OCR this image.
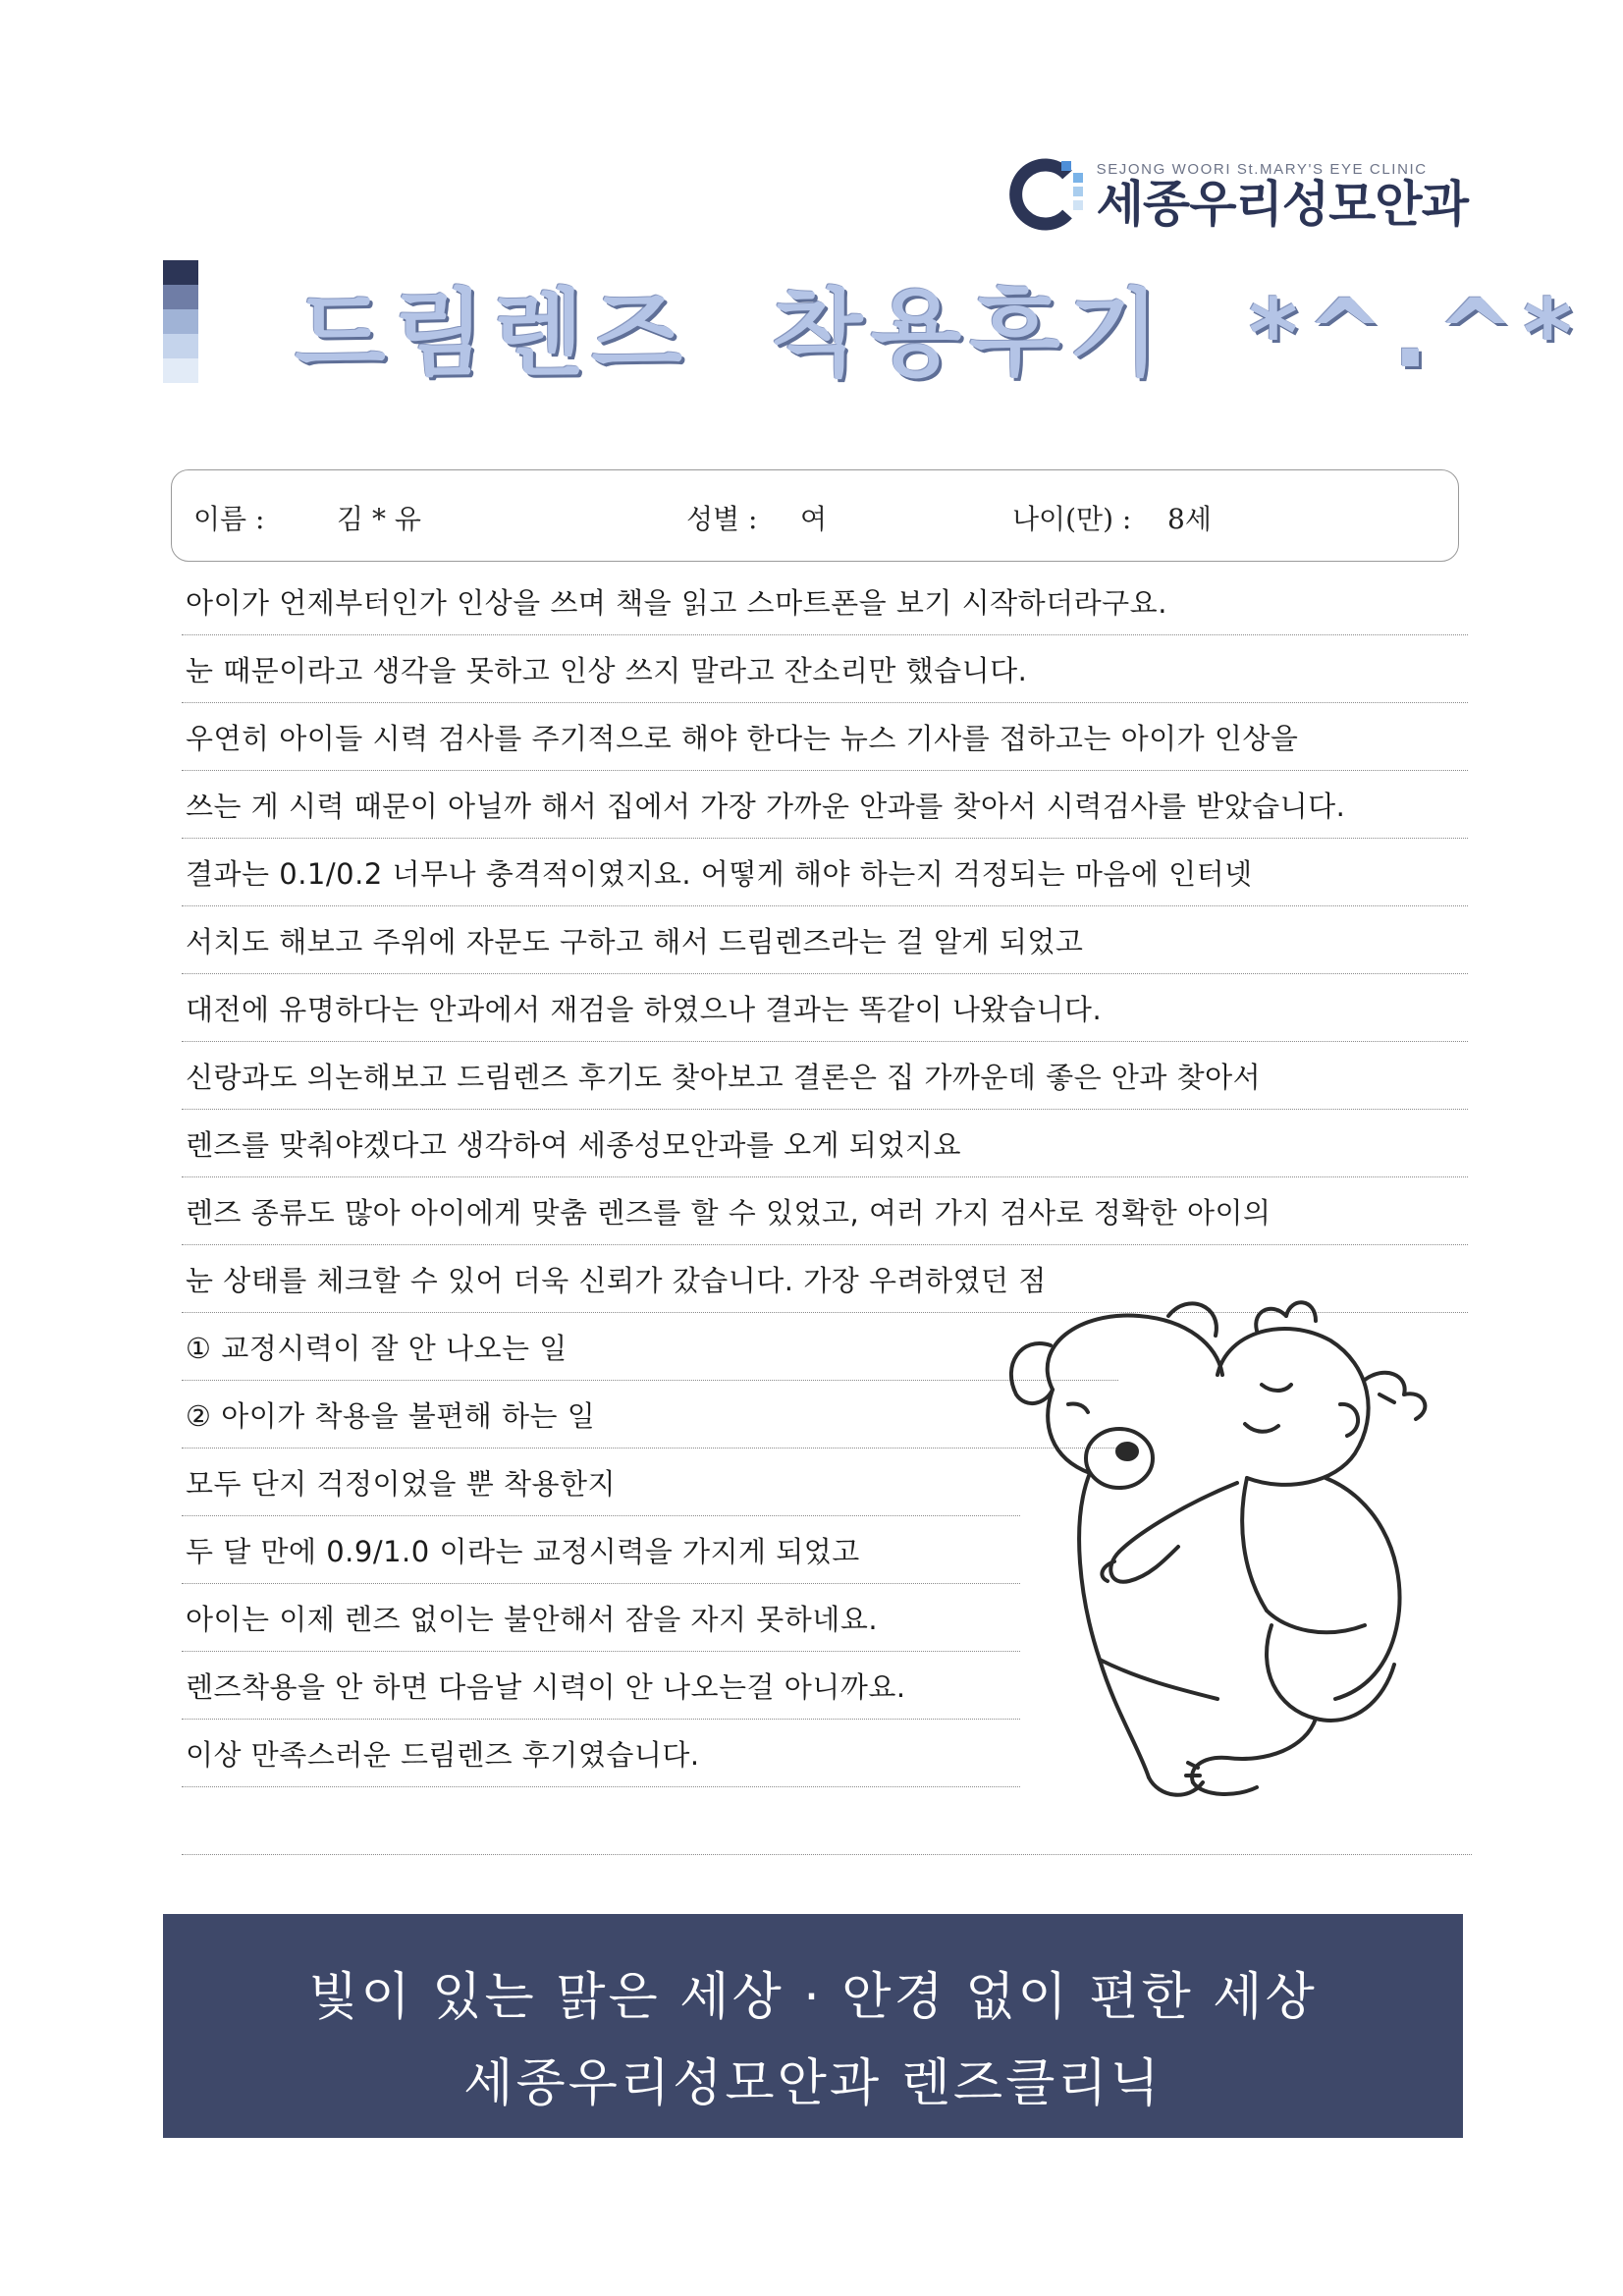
SEJONG WOORI St.MARY'S EYE CLINIC
세종우리성모안과
드림렌즈  착용후기  *^.^*
이름 :	김 * 유	성별 : 여	나이(만) : 8세
아이가 언제부터인가 인상을 쓰며 책을 읽고 스마트폰을 보기 시작하더라구요.
눈 때문이라고 생각을 못하고 인상 쓰지 말라고 잔소리만 했습니다.
우연히 아이들 시력 검사를 주기적으로 해야 한다는 뉴스 기사를 접하고는 아이가 인상을
쓰는 게 시력 때문이 아닐까 해서 집에서 가장 가까운 안과를 찾아서 시력검사를 받았습니다.
결과는 0.1/0.2 너무나 충격적이였지요. 어떻게 해야 하는지 걱정되는 마음에 인터넷
서치도 해보고 주위에 자문도 구하고 해서 드림렌즈라는 걸 알게 되었고
대전에 유명하다는 안과에서 재검을 하였으나 결과는 똑같이 나왔습니다.
신랑과도 의논해보고 드림렌즈 후기도 찾아보고 결론은 집 가까운데 좋은 안과 찾아서
렌즈를 맞춰야겠다고 생각하여 세종성모안과를 오게 되었지요
렌즈 종류도 많아 아이에게 맞춤 렌즈를 할 수 있었고, 여러 가지 검사로 정확한 아이의
눈 상태를 체크할 수 있어 더욱 신뢰가 갔습니다. 가장 우려하였던 점
① 교정시력이 잘 안 나오는 일
② 아이가 착용을 불편해 하는 일
모두 단지 걱정이었을 뿐 착용한지
두 달 만에 0.9/1.0 이라는 교정시력을 가지게 되었고
아이는 이제 렌즈 없이는 불안해서 잠을 자지 못하네요.
렌즈착용을 안 하면 다음날 시력이 안 나오는걸 아니까요.
이상 만족스러운 드림렌즈 후기였습니다.
빛이 있는 맑은 세상 · 안경 없이 편한 세상
세종우리성모안과 렌즈클리닉
